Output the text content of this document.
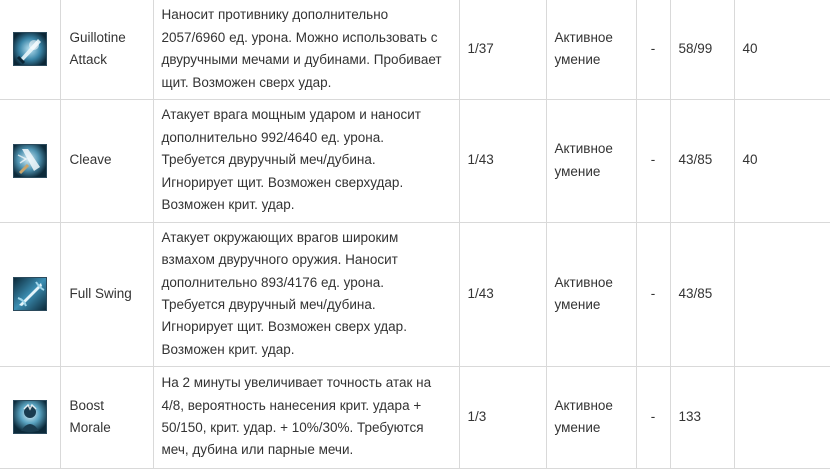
Guillotine Attack	Наносит противнику дополнительно 2057/6960 ед. урона. Можно использовать с двуручными мечами и дубинами. Пробивает щит. Возможен сверх удар.	1/37	Активное умение	-	58/99	40

Cleave	Атакует врага мощным ударом и наносит дополнительно 992/4640 ед. урона. Требуется двуручный меч/дубина. Игнорирует щит. Возможен сверхудар. Возможен крит. удар.	1/43	Активное умение	-	43/85	40

Full Swing	Атакует окружающих врагов широким взмахом двуручного оружия. Наносит дополнительно 893/4176 ед. урона. Требуется двуручный меч/дубина. Игнорирует щит. Возможен сверх удар. Возможен крит. удар.	1/43	Активное умение	-	43/85	

Boost Morale	На 2 минуты увеличивает точность атак на 4/8, вероятность нанесения крит. удара + 50/150, крит. удар. + 10%/30%. Требуются меч, дубина или парные мечи.	1/3	Активное умение	-	133	
